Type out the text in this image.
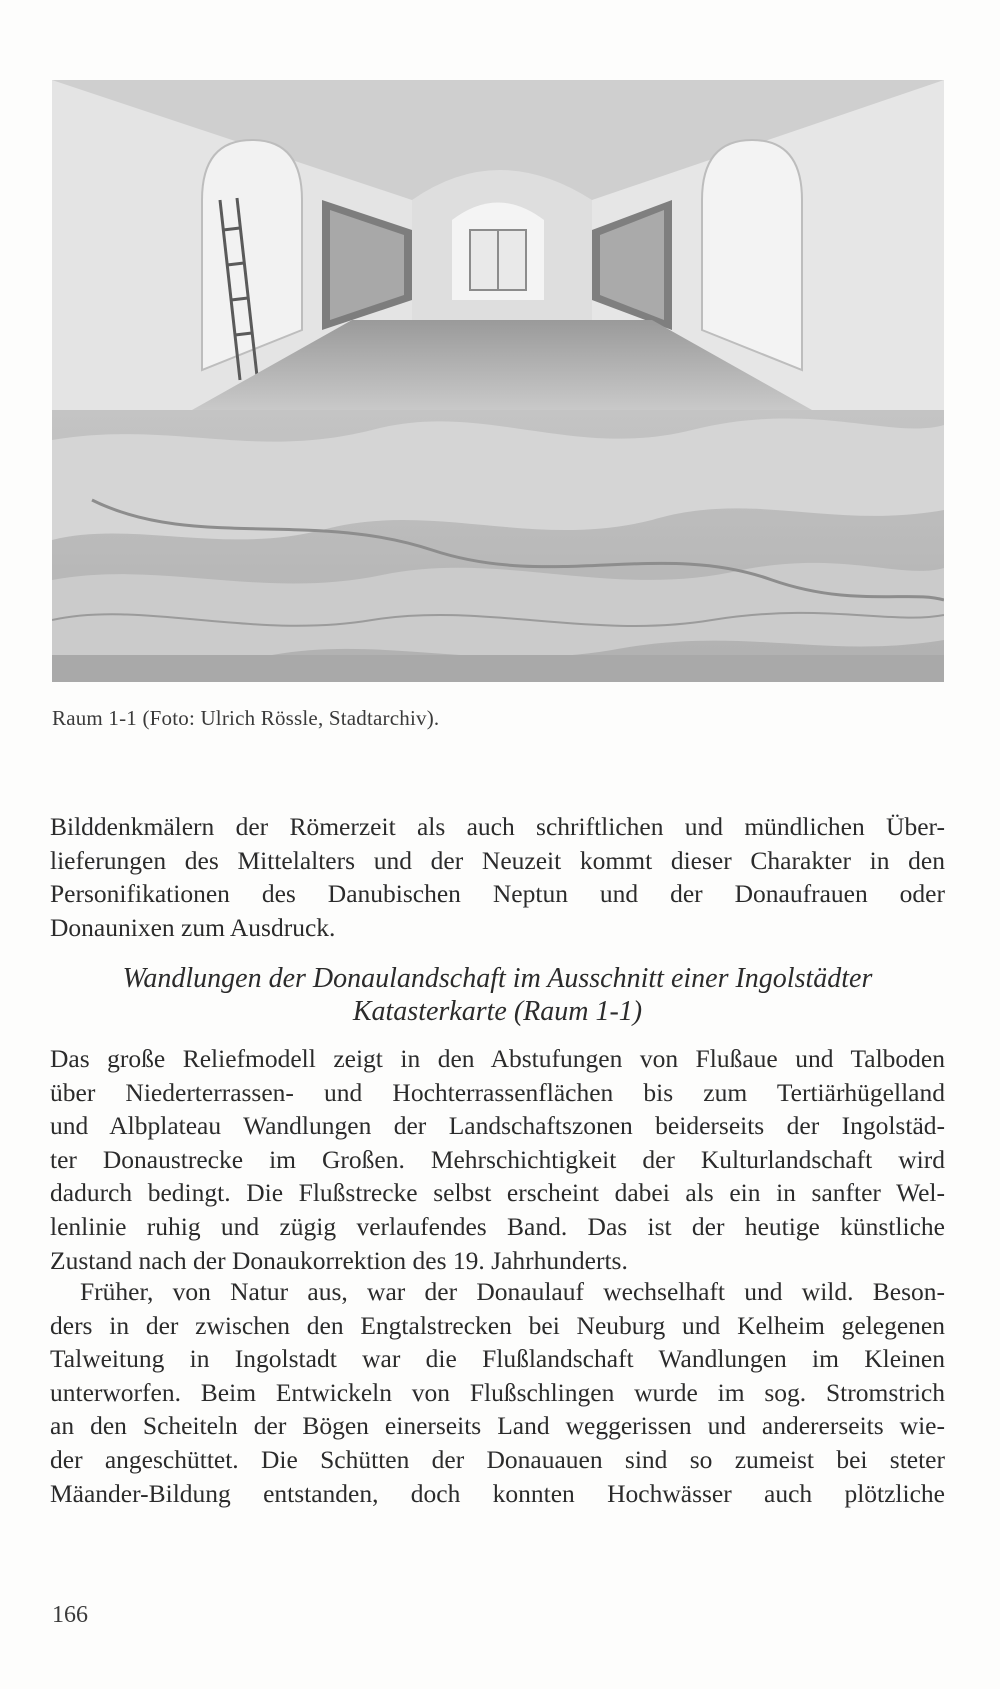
Raum 1-1 (Foto: Ulrich Rössle, Stadtarchiv).
Bilddenkmälern der Römerzeit als auch schriftlichen und mündlichen Über-
lieferungen des Mittelalters und der Neuzeit kommt dieser Charakter in den
Personifikationen des Danubischen Neptun und der Donaufrauen oder
Donaunixen zum Ausdruck.
Wandlungen der Donaulandschaft im Ausschnitt einer Ingolstädter
Katasterkarte (Raum 1-1)
Das große Reliefmodell zeigt in den Abstufungen von Flußaue und Talboden
über Niederterrassen- und Hochterrassenflächen bis zum Tertiärhügelland
und Albplateau Wandlungen der Landschaftszonen beiderseits der Ingolstäd-
ter Donaustrecke im Großen. Mehrschichtigkeit der Kulturlandschaft wird
dadurch bedingt. Die Flußstrecke selbst erscheint dabei als ein in sanfter Wel-
lenlinie ruhig und zügig verlaufendes Band. Das ist der heutige künstliche
Zustand nach der Donaukorrektion des 19. Jahrhunderts.
Früher, von Natur aus, war der Donaulauf wechselhaft und wild. Beson-
ders in der zwischen den Engtalstrecken bei Neuburg und Kelheim gelegenen
Talweitung in Ingolstadt war die Flußlandschaft Wandlungen im Kleinen
unterworfen. Beim Entwickeln von Flußschlingen wurde im sog. Stromstrich
an den Scheiteln der Bögen einerseits Land weggerissen und andererseits wie-
der angeschüttet. Die Schütten der Donauauen sind so zumeist bei steter
Mäander-Bildung entstanden, doch konnten Hochwässer auch plötzliche
166
